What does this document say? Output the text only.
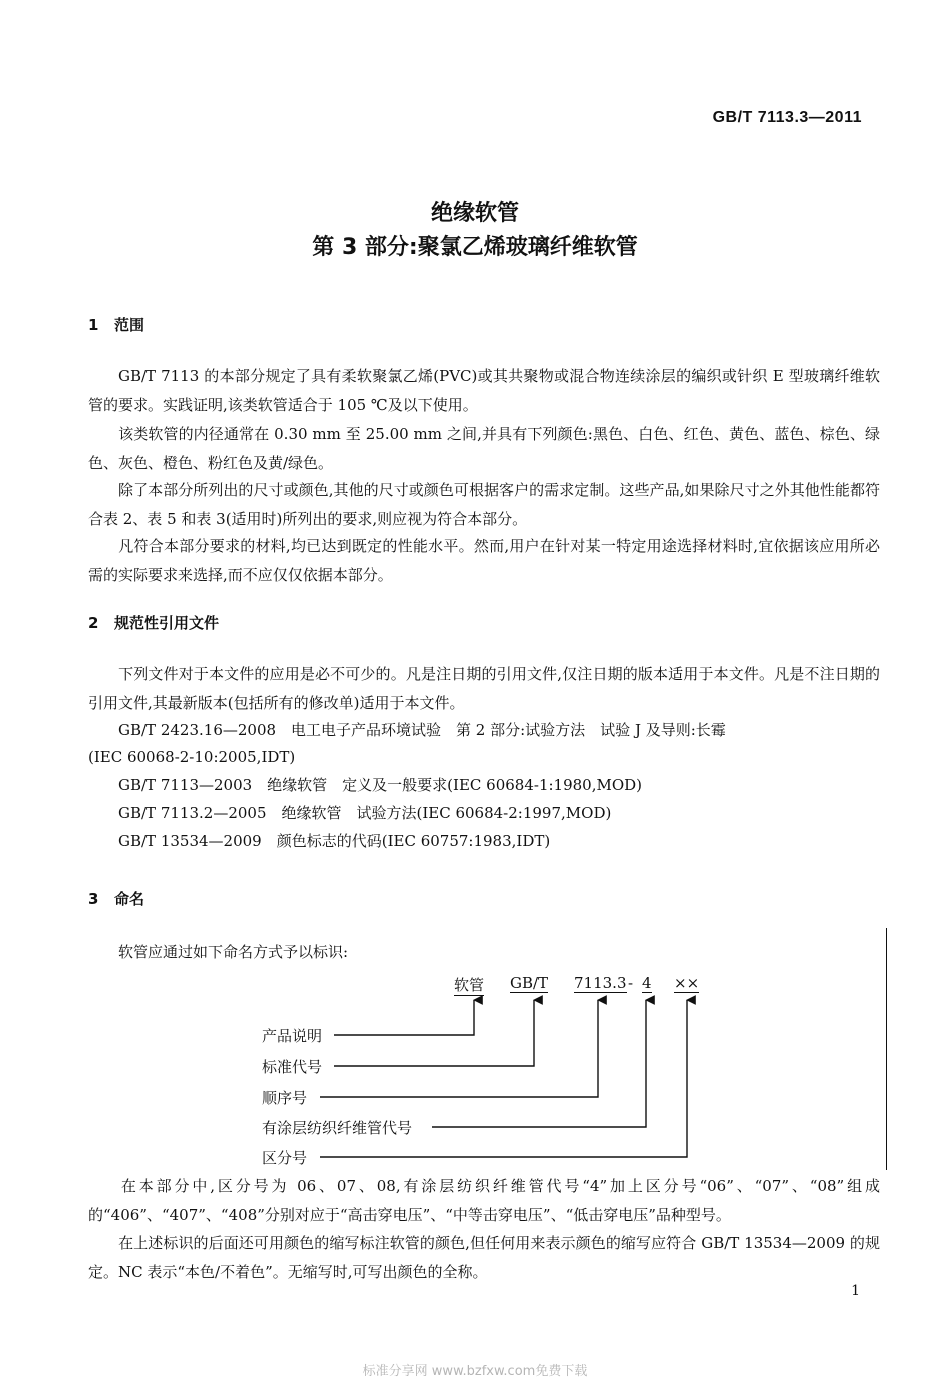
GB/T 7113.3—2011
绝缘软管
第 3 部分:聚氯乙烯玻璃纤维软管
1 范围
GB/T 7113 的本部分规定了具有柔软聚氯乙烯(PVC)或其共聚物或混合物连续涂层的编织或针织 E 型玻璃纤维软管的要求。实践证明,该类软管适合于 105 ℃及以下使用。
该类软管的内径通常在 0.30 mm 至 25.00 mm 之间,并具有下列颜色:黑色、白色、红色、黄色、蓝色、棕色、绿色、灰色、橙色、粉红色及黄/绿色。
除了本部分所列出的尺寸或颜色,其他的尺寸或颜色可根据客户的需求定制。这些产品,如果除尺寸之外其他性能都符合表 2、表 5 和表 3(适用时)所列出的要求,则应视为符合本部分。
凡符合本部分要求的材料,均已达到既定的性能水平。然而,用户在针对某一特定用途选择材料时,宜依据该应用所必需的实际要求来选择,而不应仅仅依据本部分。
2 规范性引用文件
下列文件对于本文件的应用是必不可少的。凡是注日期的引用文件,仅注日期的版本适用于本文件。凡是不注日期的引用文件,其最新版本(包括所有的修改单)适用于本文件。
GB/T 2423.16—2008　电工电子产品环境试验　第 2 部分:试验方法　试验 J 及导则:长霉
(IEC 60068-2-10:2005,IDT)
GB/T 7113—2003　绝缘软管　定义及一般要求(IEC 60684-1:1980,MOD)
GB/T 7113.2—2005　绝缘软管　试验方法(IEC 60684-2:1997,MOD)
GB/T 13534—2009　颜色标志的代码(IEC 60757:1983,IDT)
3 命名
软管应通过如下命名方式予以标识:
软管 GB/T 7113.3 - 4 ××
产品说明
标准代号
顺序号
有涂层纺织纤维管代号
区分号
在本部分中,区分号为 06、07、08,有涂层纺织纤维管代号“4”加上区分号“06”、“07”、“08”组成的“406”、“407”、“408”分别对应于“高击穿电压”、“中等击穿电压”、“低击穿电压”品种型号。
在上述标识的后面还可用颜色的缩写标注软管的颜色,但任何用来表示颜色的缩写应符合 GB/T 13534—2009 的规定。NC 表示“本色/不着色”。无缩写时,可写出颜色的全称。
1
标准分享网 www.bzfxw.com免费下载
